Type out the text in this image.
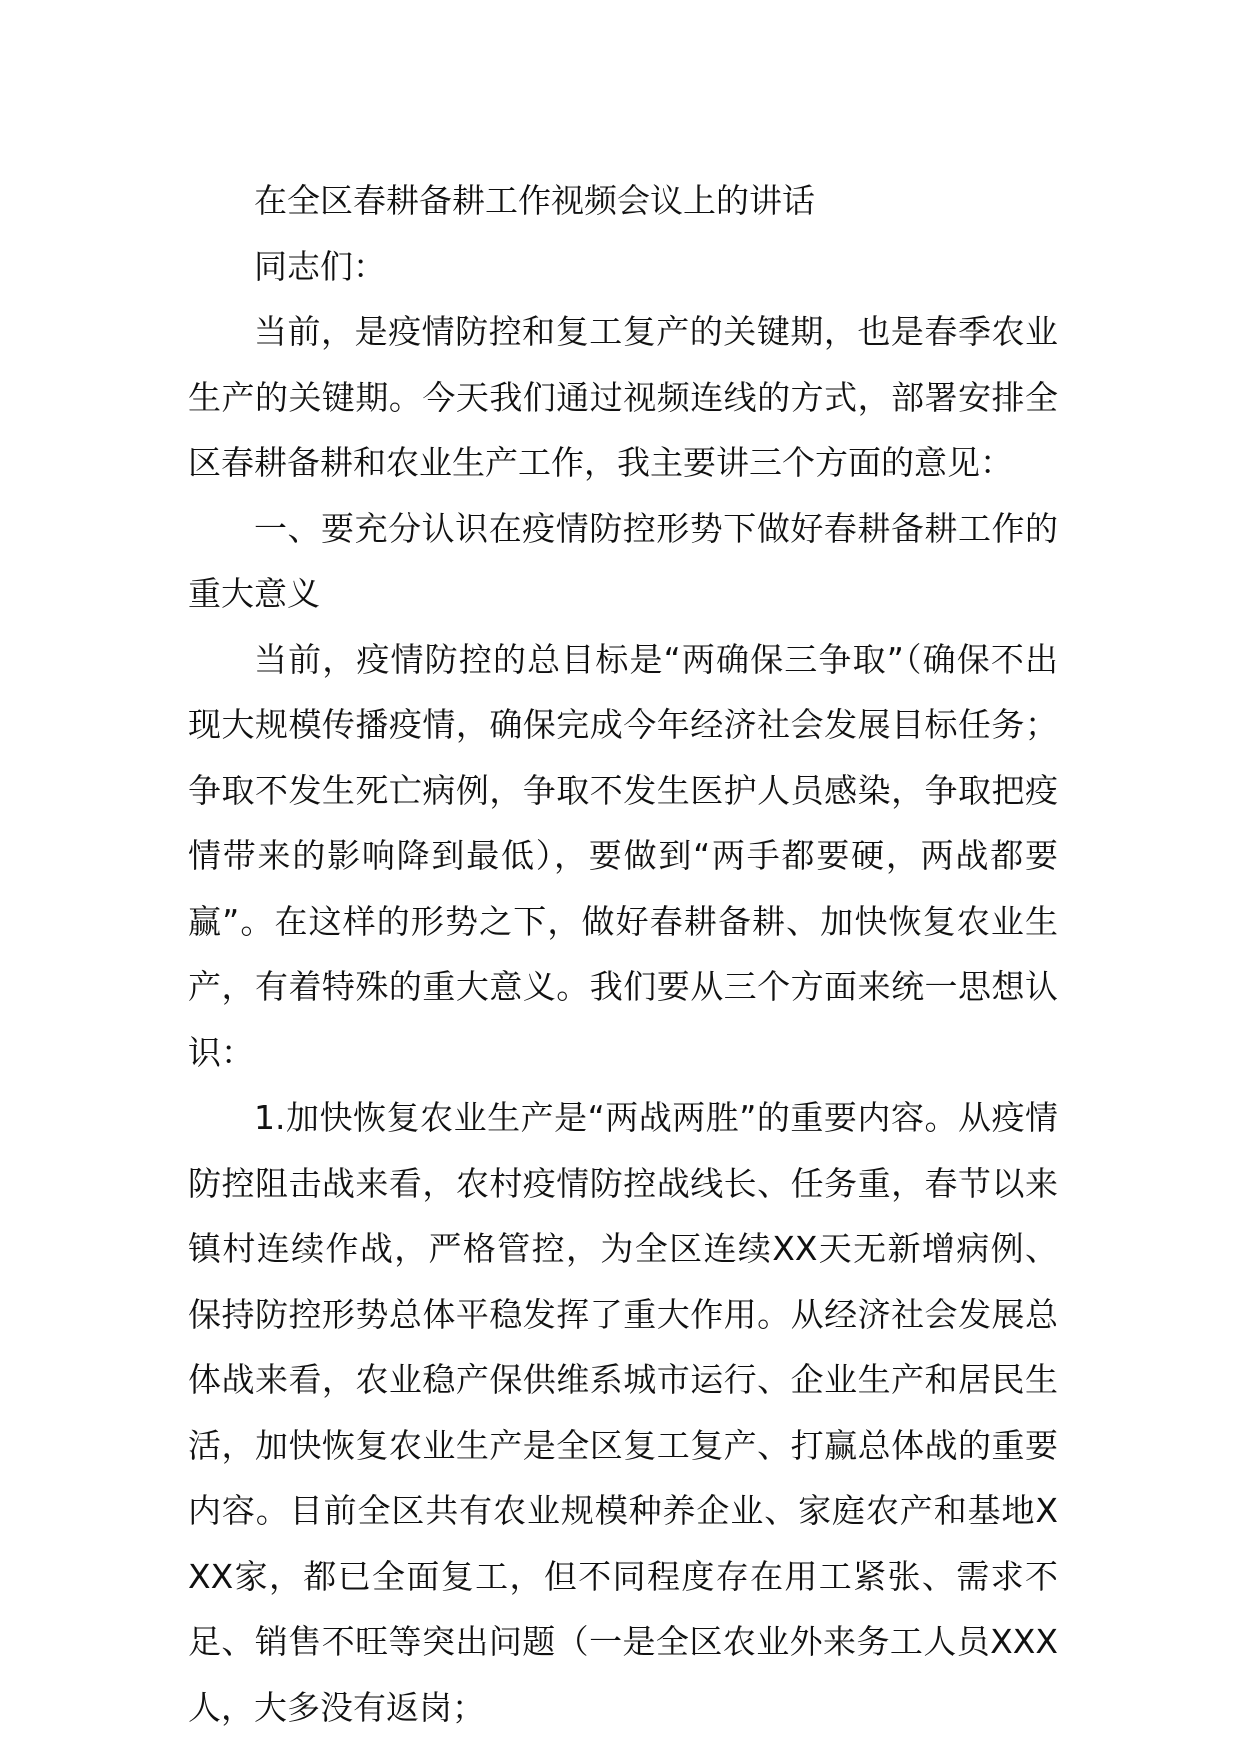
在全区春耕备耕工作视频会议上的讲话

同志们：

当前，是疫情防控和复工复产的关键期，也是春季农业生产的关键期。今天我们通过视频连线的方式，部署安排全区春耕备耕和农业生产工作，我主要讲三个方面的意见：

一、要充分认识在疫情防控形势下做好春耕备耕工作的重大意义

当前，疫情防控的总目标是“两确保三争取”（确保不出现大规模传播疫情，确保完成今年经济社会发展目标任务；争取不发生死亡病例，争取不发生医护人员感染，争取把疫情带来的影响降到最低），要做到“两手都要硬，两战都要赢”。在这样的形势之下，做好春耕备耕、加快恢复农业生产，有着特殊的重大意义。我们要从三个方面来统一思想认识：

1.加快恢复农业生产是“两战两胜”的重要内容。从疫情防控阻击战来看，农村疫情防控战线长、任务重，春节以来镇村连续作战，严格管控，为全区连续XX天无新增病例、保持防控形势总体平稳发挥了重大作用。从经济社会发展总体战来看，农业稳产保供维系城市运行、企业生产和居民生活，加快恢复农业生产是全区复工复产、打赢总体战的重要内容。目前全区共有农业规模种养企业、家庭农产和基地XXX家，都已全面复工，但不同程度存在用工紧张、需求不足、销售不旺等突出问题（一是全区农业外来务工人员XXX人，大多没有返岗；
